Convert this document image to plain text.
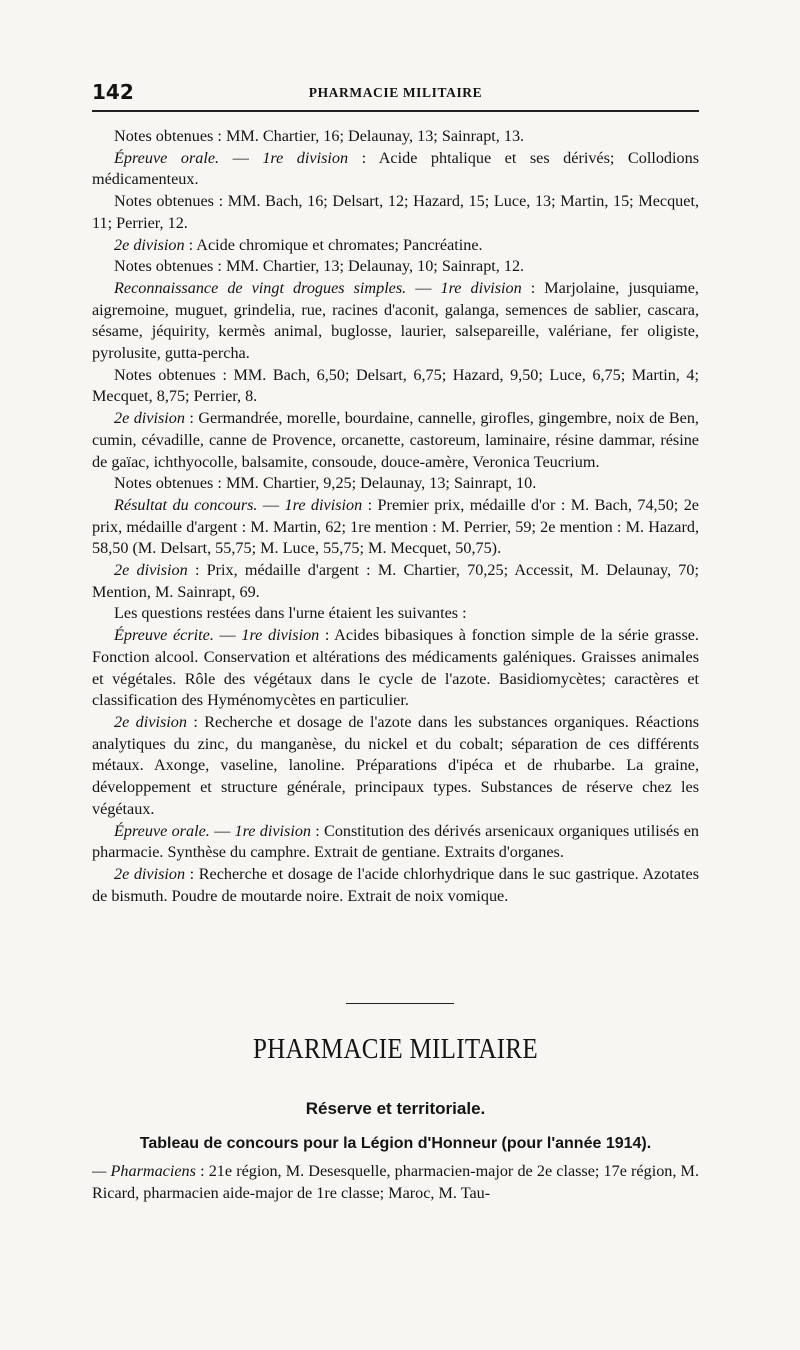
142	PHARMACIE MILITAIRE

Notes obtenues : MM. Chartier, 16; Delaunay, 13; Sainrapt, 13.

Épreuve orale. — 1re division : Acide phtalique et ses dérivés; Collodions médicamenteux.

Notes obtenues : MM. Bach, 16; Delsart, 12; Hazard, 15; Luce, 13; Martin, 15; Mecquet, 11; Perrier, 12.

2e division : Acide chromique et chromates; Pancréatine.

Notes obtenues : MM. Chartier, 13; Delaunay, 10; Sainrapt, 12.

Reconnaissance de vingt drogues simples. — 1re division : Marjolaine, jusquiame, aigremoine, muguet, grindelia, rue, racines d'aconit, galanga, semences de sablier, cascara, sésame, jéquirity, kermès animal, buglosse, laurier, salsepareille, valériane, fer oligiste, pyrolusite, gutta-percha.

Notes obtenues : MM. Bach, 6,50; Delsart, 6,75; Hazard, 9,50; Luce, 6,75; Martin, 4; Mecquet, 8,75; Perrier, 8.

2e division : Germandrée, morelle, bourdaine, cannelle, girofles, gingembre, noix de Ben, cumin, cévadille, canne de Provence, orcanette, castoreum, laminaire, résine dammar, résine de gaïac, ichthyocolle, balsamite, consoude, douce-amère, Veronica Teucrium.

Notes obtenues : MM. Chartier, 9,25; Delaunay, 13; Sainrapt, 10.

Résultat du concours. — 1re division : Premier prix, médaille d'or : M. Bach, 74,50; 2e prix, médaille d'argent : M. Martin, 62; 1re mention : M. Perrier, 59; 2e mention : M. Hazard, 58,50 (M. Delsart, 55,75; M. Luce, 55,75; M. Mecquet, 50,75).

2e division : Prix, médaille d'argent : M. Chartier, 70,25; Accessit, M. Delaunay, 70; Mention, M. Sainrapt, 69.

Les questions restées dans l'urne étaient les suivantes :

Épreuve écrite. — 1re division : Acides bibasiques à fonction simple de la série grasse. Fonction alcool. Conservation et altérations des médicaments galéniques. Graisses animales et végétales. Rôle des végétaux dans le cycle de l'azote. Basidiomycètes; caractères et classification des Hyménomycètes en particulier.

2e division : Recherche et dosage de l'azote dans les substances organiques. Réactions analytiques du zinc, du manganèse, du nickel et du cobalt; séparation de ces différents métaux. Axonge, vaseline, lanoline. Préparations d'ipéca et de rhubarbe. La graine, développement et structure générale, principaux types. Substances de réserve chez les végétaux.

Épreuve orale. — 1re division : Constitution des dérivés arsenicaux organiques utilisés en pharmacie. Synthèse du camphre. Extrait de gentiane. Extraits d'organes.

2e division : Recherche et dosage de l'acide chlorhydrique dans le suc gastrique. Azotates de bismuth. Poudre de moutarde noire. Extrait de noix vomique.

PHARMACIE MILITAIRE
Réserve et territoriale.
Tableau de concours pour la Légion d'Honneur (pour l'année 1914).

— Pharmaciens : 21e région, M. Desesquelle, pharmacien-major de 2e classe; 17e région, M. Ricard, pharmacien aide-major de 1re classe; Maroc, M. Tau-
